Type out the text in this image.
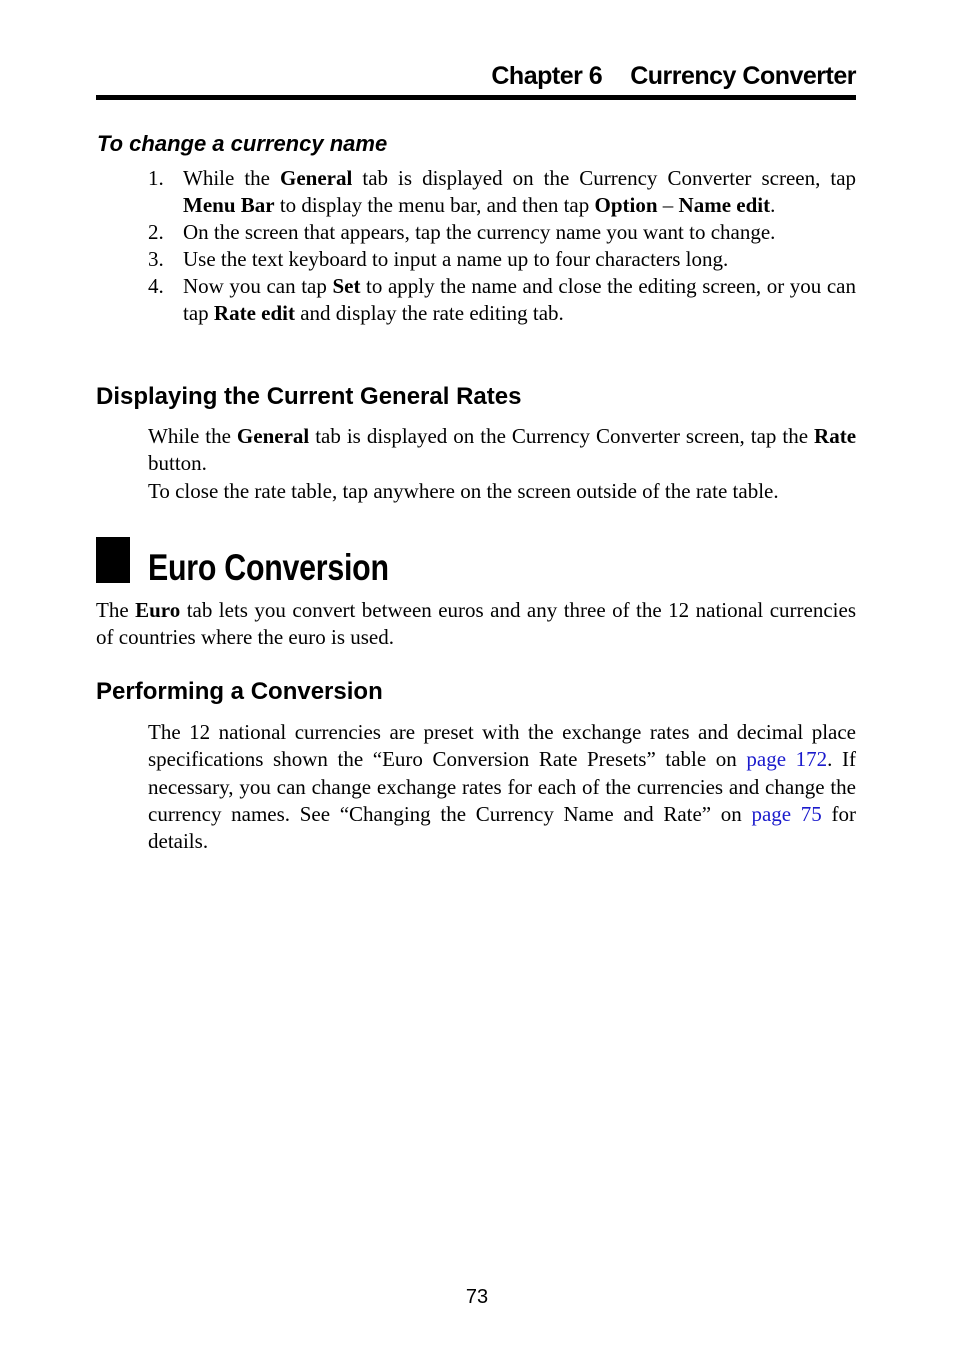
Chapter 6 Currency Converter
To change a currency name
1. While the General tab is displayed on the Currency Converter screen, tap Menu Bar to display the menu bar, and then tap Option – Name edit.
2. On the screen that appears, tap the currency name you want to change.
3. Use the text keyboard to input a name up to four characters long.
4. Now you can tap Set to apply the name and close the editing screen, or you can tap Rate edit and display the rate editing tab.
Displaying the Current General Rates

While the General tab is displayed on the Currency Converter screen, tap the Rate button.

To close the rate table, tap anywhere on the screen outside of the rate table.

Euro Conversion

The Euro tab lets you convert between euros and any three of the 12 national currencies of countries where the euro is used.

Performing a Conversion

The 12 national currencies are preset with the exchange rates and decimal place specifications shown the “Euro Conversion Rate Presets” table on page 172. If necessary, you can change exchange rates for each of the currencies and change the currency names. See “Changing the Currency Name and Rate” on page 75 for details.

73
